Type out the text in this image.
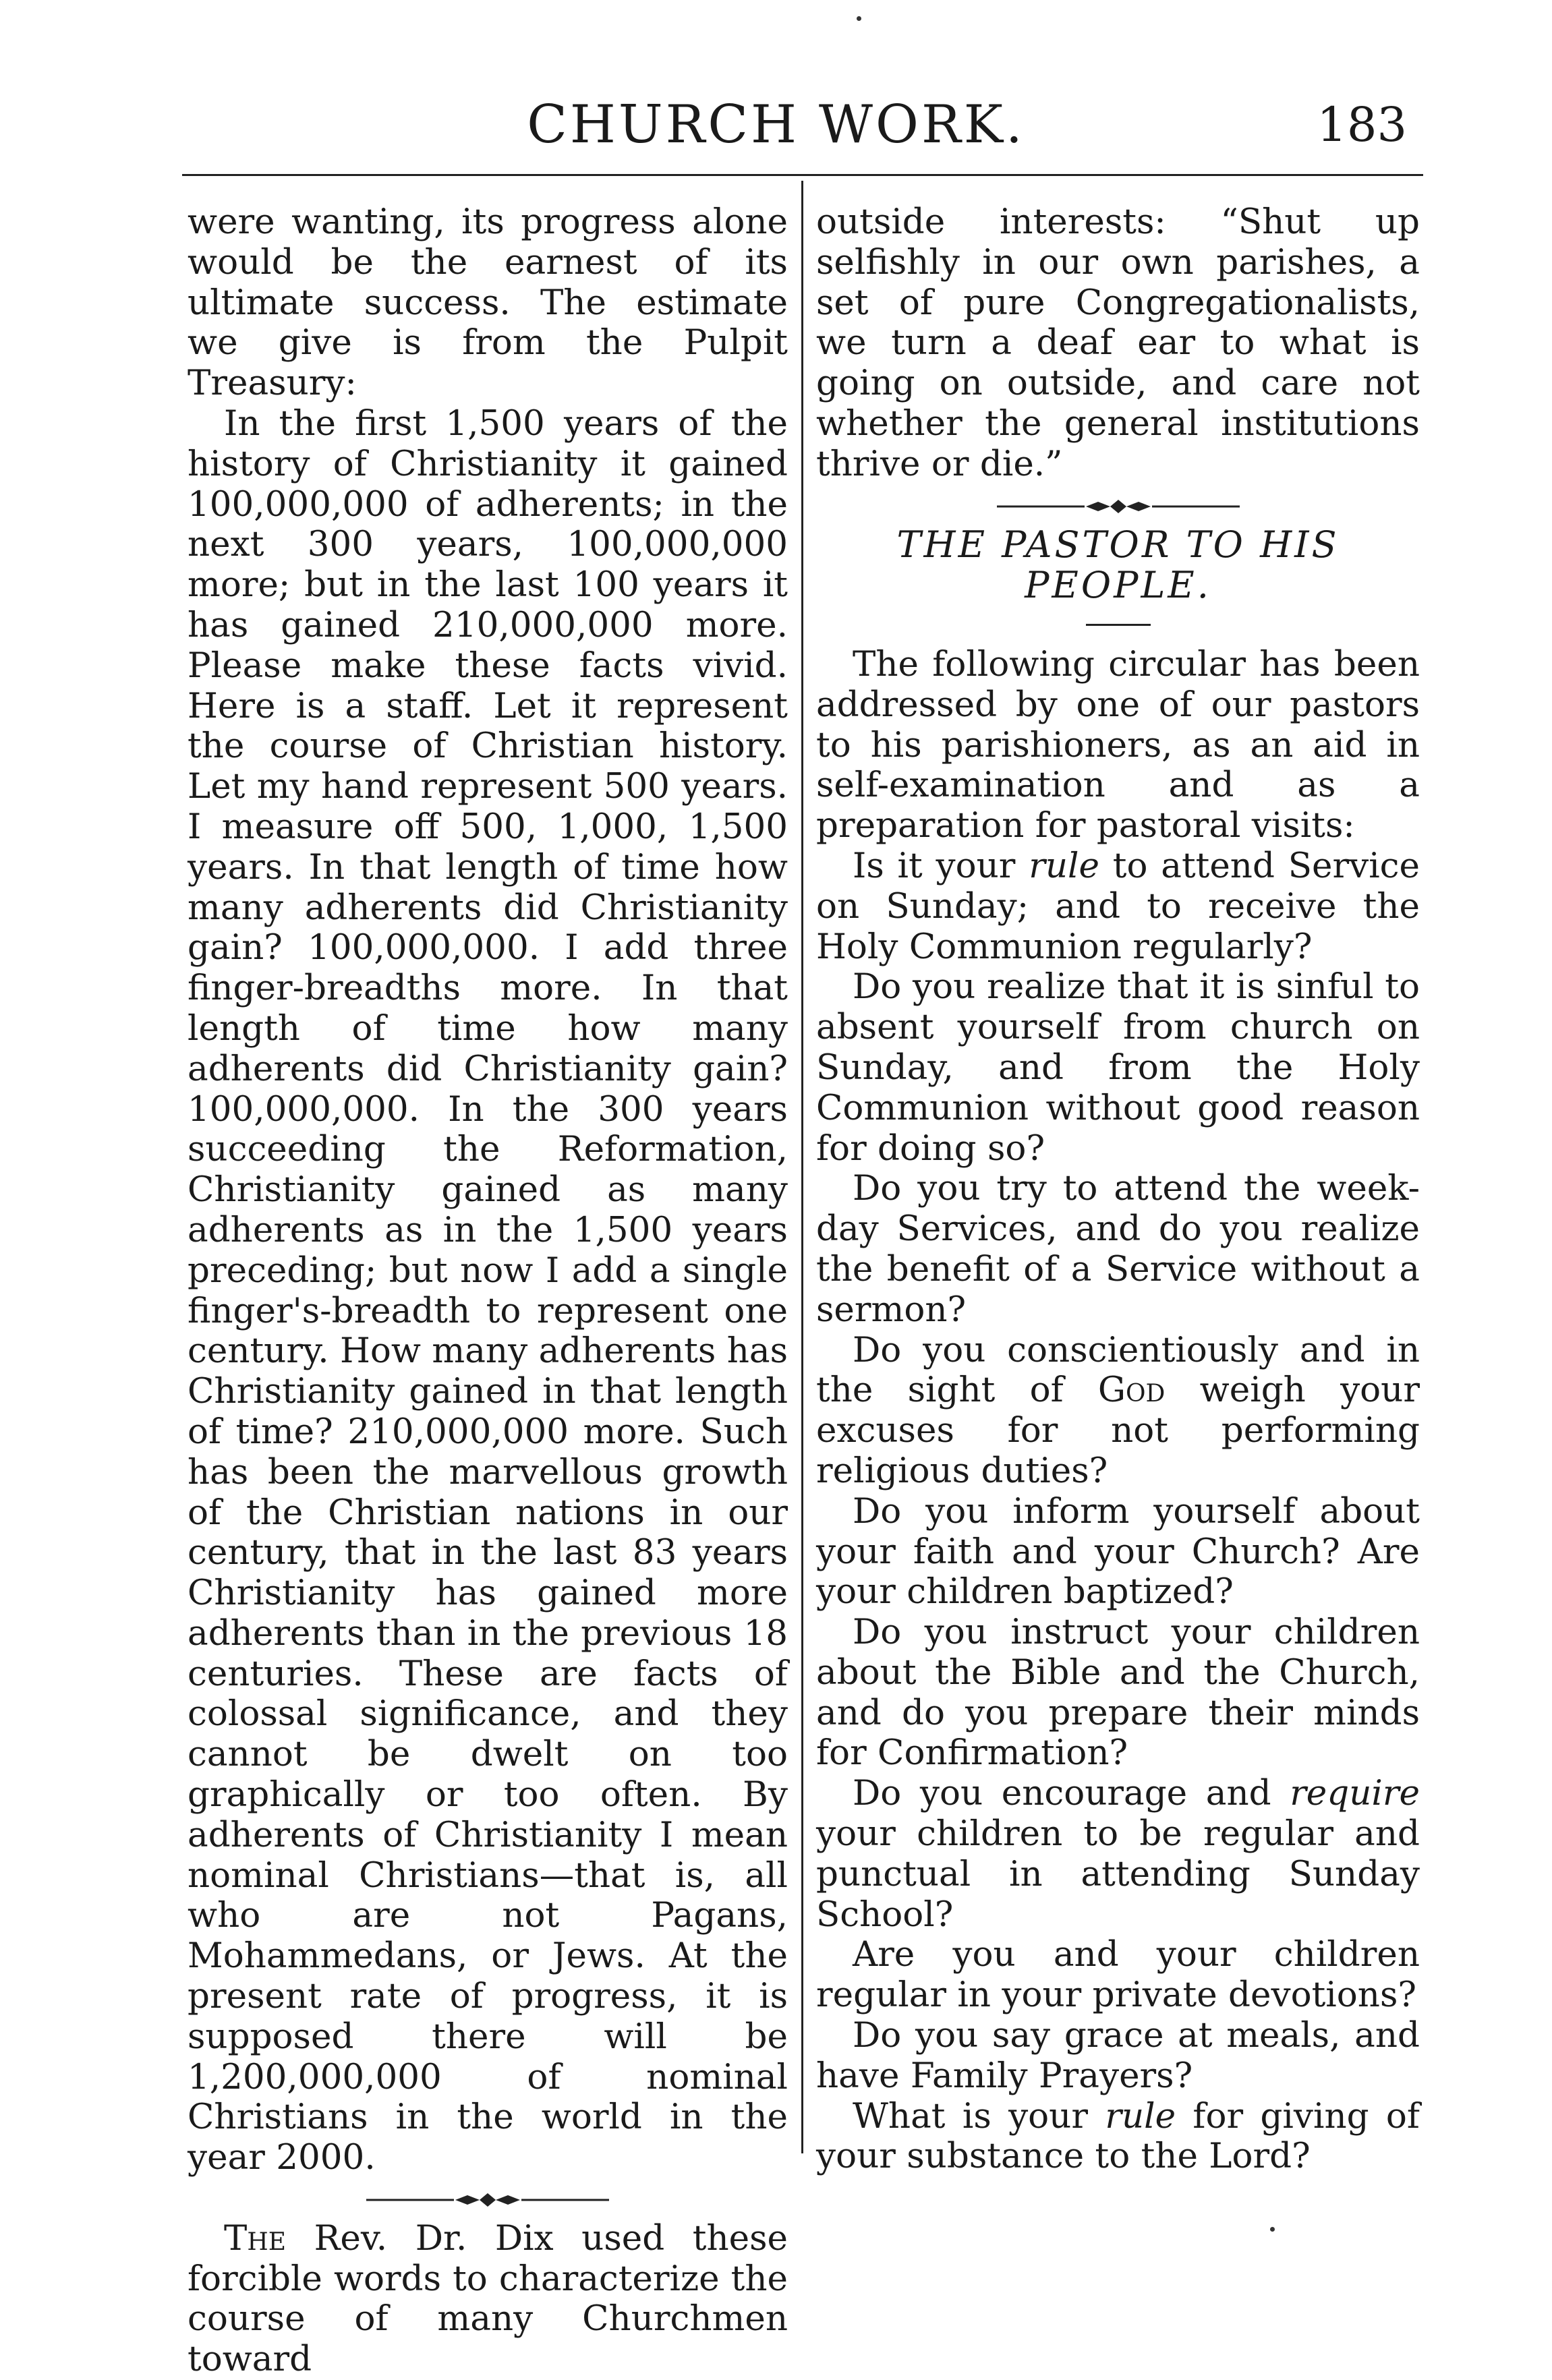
CHURCH WORK.	183

were wanting, its progress alone would be the earnest of its ultimate success. The estimate we give is from the Pulpit Treasury:

In the first 1,500 years of the history of Christianity it gained 100,000,000 of adherents; in the next 300 years, 100,000,000 more; but in the last 100 years it has gained 210,000,000 more. Please make these facts vivid. Here is a staff. Let it represent the course of Christian history. Let my hand represent 500 years. I measure off 500, 1,000, 1,500 years. In that length of time how many adherents did Christianity gain? 100,000,000. I add three finger-breadths more. In that length of time how many adherents did Christianity gain? 100,000,000. In the 300 years succeeding the Reformation, Christianity gained as many adherents as in the 1,500 years preceding; but now I add a single finger's-breadth to represent one century. How many adherents has Christianity gained in that length of time? 210,000,000 more. Such has been the marvellous growth of the Christian nations in our century, that in the last 83 years Christianity has gained more adherents than in the previous 18 centuries. These are facts of colossal significance, and they cannot be dwelt on too graphically or too often. By adherents of Christianity I mean nominal Christians—that is, all who are not Pagans, Mohammedans, or Jews. At the present rate of progress, it is supposed there will be 1,200,000,000 of nominal Christians in the world in the year 2000.

The Rev. Dr. Dix used these forcible words to characterize the course of many Churchmen toward

outside interests: “Shut up selfishly in our own parishes, a set of pure Congregationalists, we turn a deaf ear to what is going on outside, and care not whether the general institutions thrive or die.”

THE PASTOR TO HIS PEOPLE.

The following circular has been addressed by one of our pastors to his parishioners, as an aid in self-examination and as a preparation for pastoral visits:

Is it your rule to attend Service on Sunday; and to receive the Holy Communion regularly?

Do you realize that it is sinful to absent yourself from church on Sunday, and from the Holy Communion without good reason for doing so?

Do you try to attend the week-day Services, and do you realize the benefit of a Service without a sermon?

Do you conscientiously and in the sight of God weigh your excuses for not performing religious duties?

Do you inform yourself about your faith and your Church? Are your children baptized?

Do you instruct your children about the Bible and the Church, and do you prepare their minds for Confirmation?

Do you encourage and require your children to be regular and punctual in attending Sunday School?

Are you and your children regular in your private devotions?

Do you say grace at meals, and have Family Prayers?

What is your rule for giving of your substance to the Lord?
